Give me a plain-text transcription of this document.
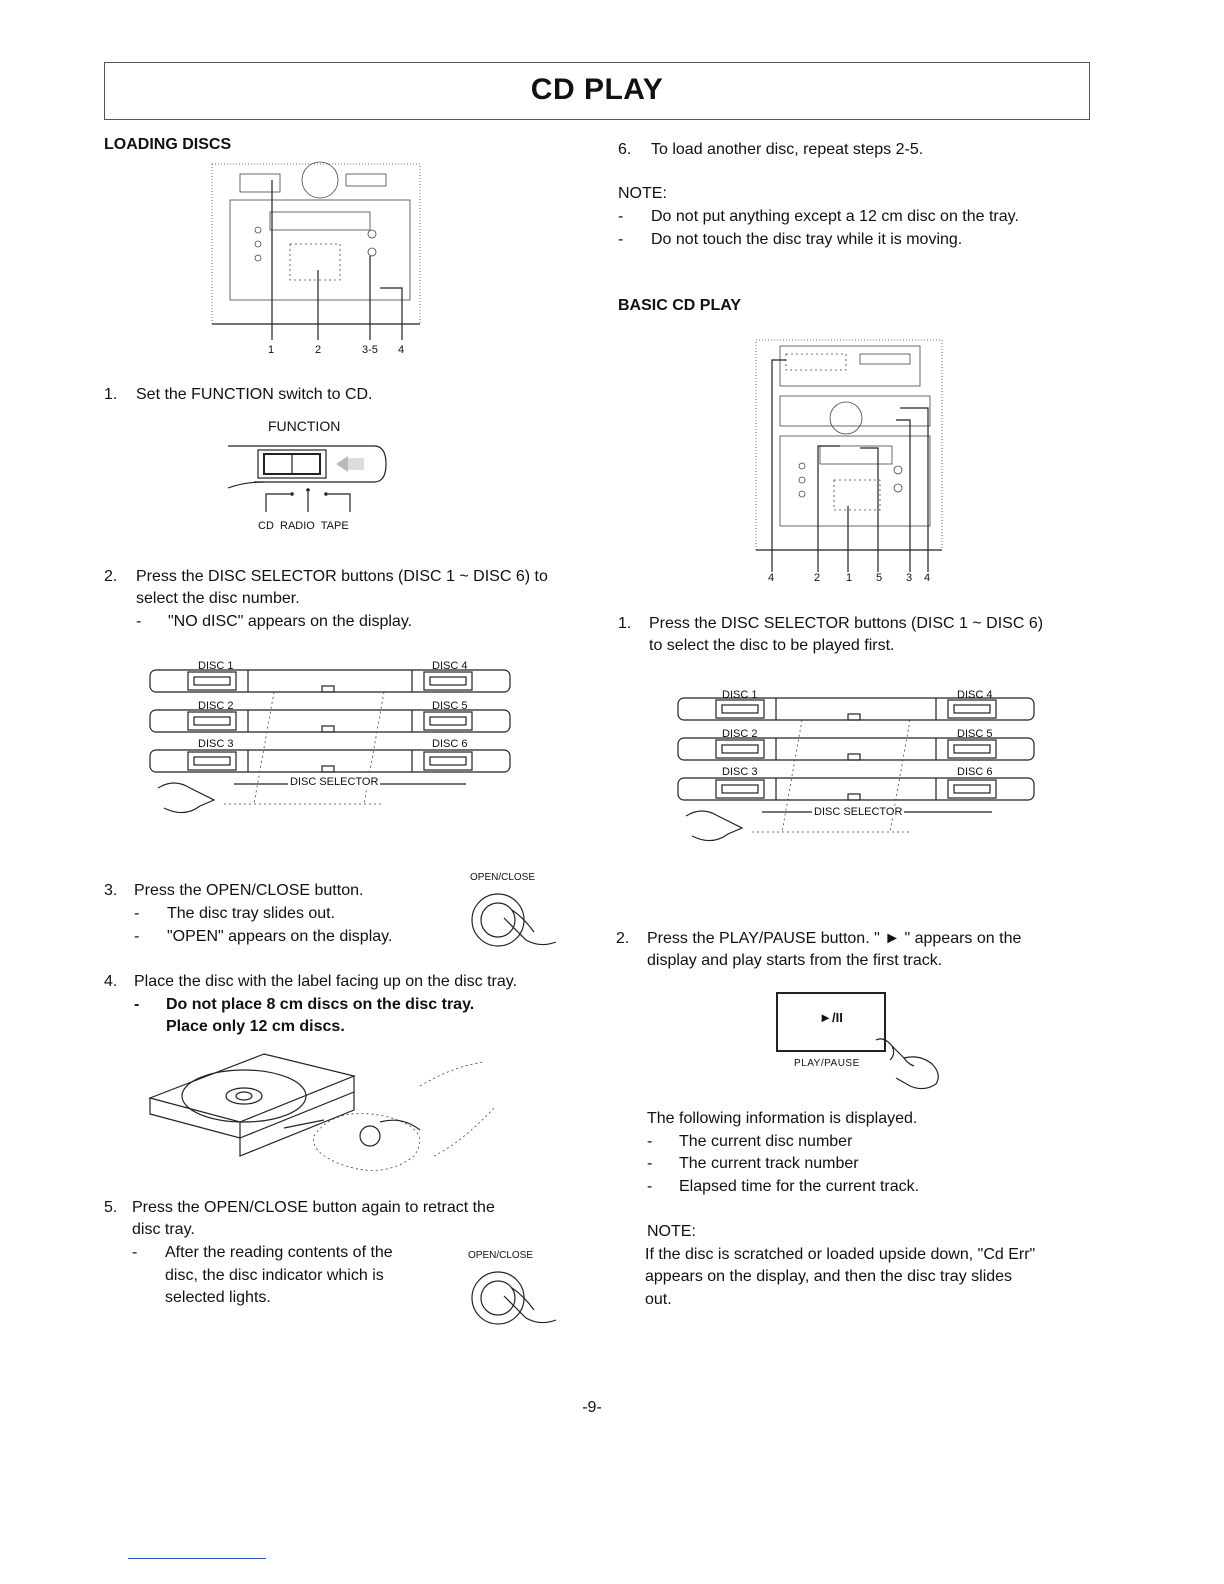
CD PLAY
LOADING DISCS
1	2	3-5 4
1. Set the FUNCTION switch to CD.
FUNCTION
CD  RADIO  TAPE
2. Press the DISC SELECTOR buttons (DISC 1 ~ DISC 6) to
select the disc number.
- "NO dISC" appears on the display.
DISC 1
DISC 2
DISC 3
DISC 4
DISC 5
DISC 6
DISC SELECTOR
OPEN/CLOSE
3. Press the OPEN/CLOSE button.
- The disc tray slides out.
- "OPEN" appears on the display.
4. Place the disc with the label facing up on the disc tray.
- Do not place 8 cm discs on the disc tray.
Place only 12 cm discs.
5. Press the OPEN/CLOSE button again to retract the
disc tray.
- After the reading contents of the
disc, the disc indicator which is
selected lights.
OPEN/CLOSE
6. To load another disc, repeat steps 2-5.
NOTE:
- Do not put anything except a 12 cm disc on the tray.
- Do not touch the disc tray while it is moving.
BASIC CD PLAY
4	2 1 5 3 4
1. Press the DISC SELECTOR buttons (DISC 1 ~ DISC 6)
to select the disc to be played first.
DISC 1
DISC 2
DISC 3
DISC 4
DISC 5
DISC 6
DISC SELECTOR
2. Press the PLAY/PAUSE button. " ► " appears on the
display and play starts from the first track.
►/II
PLAY/PAUSE
The following information is displayed.
- The current disc number
- The current track number
- Elapsed time for the current track.
NOTE:
If the disc is scratched or loaded upside down, "Cd Err"
appears on the display, and then the disc tray slides
out.
-9-
